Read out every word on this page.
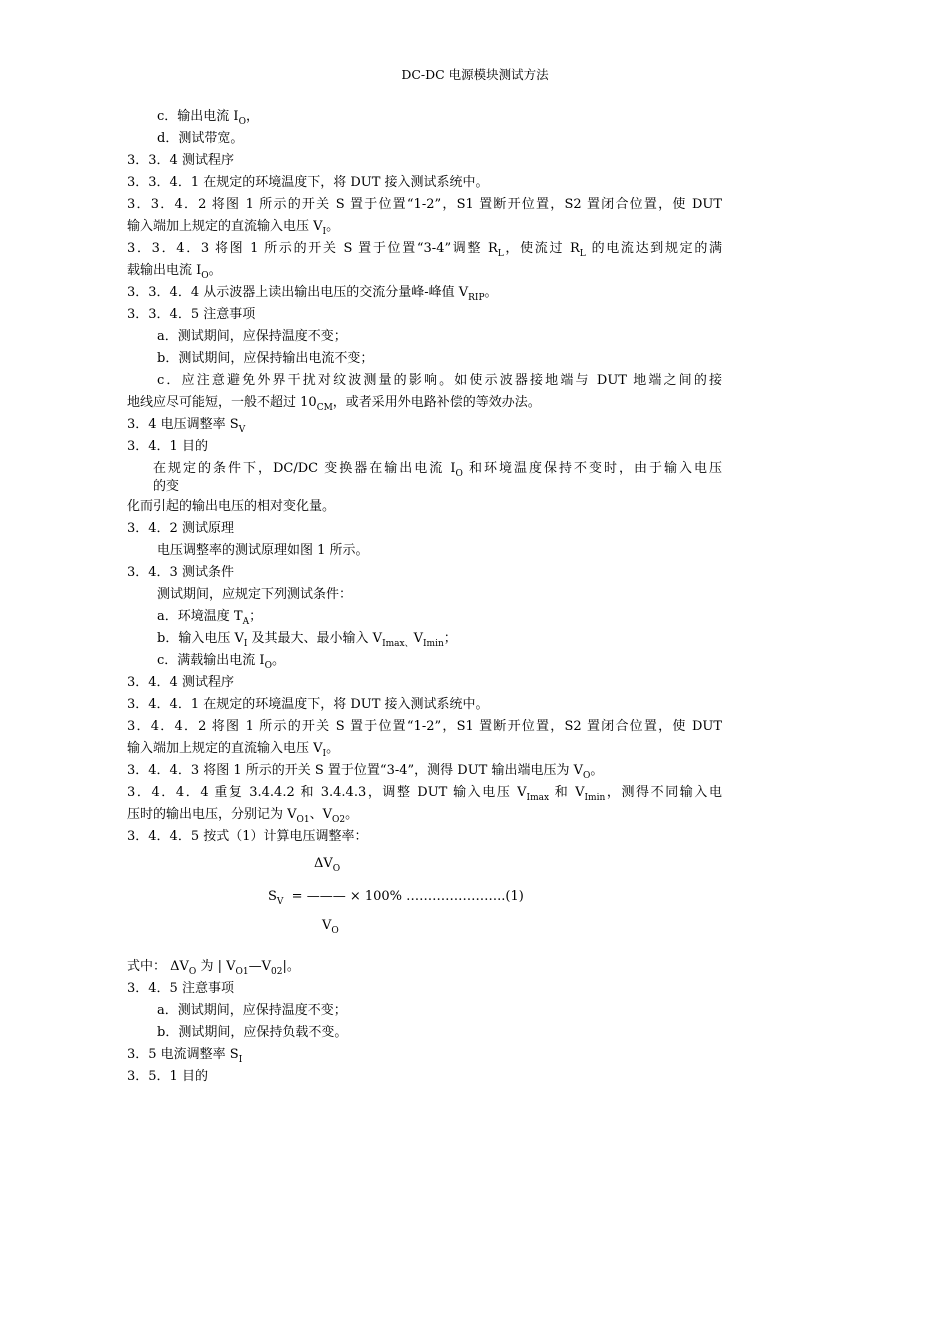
DC-DC 电源模块测试方法
c．输出电流 $I_O$，
d．测试带宽。
3．3．4 测试程序
3．3．4．1 在规定的环境温度下，将 DUT 接入测试系统中。
3．3．4．2 将图 1 所示的开关 S 置于位置“1-2”，S1 置断开位置，S2 置闭合位置，使 DUT
输入端加上规定的直流输入电压 $V_I$。
3．3．4．3 将图 1 所示的开关 S 置于位置“3-4”调整 $R_L$，使流过 $R_L$ 的电流达到规定的满
载输出电流 $I_O$。
3．3．4．4 从示波器上读出输出电压的交流分量峰-峰值 $V_{RIP}$。
3．3．4．5 注意事项
a．测试期间，应保持温度不变；
b．测试期间，应保持输出电流不变；
c．应注意避免外界干扰对纹波测量的影响。如使示波器接地端与 DUT 地端之间的接
地线应尽可能短，一般不超过 $10_{CM}$，或者采用外电路补偿的等效办法。
3．4 电压调整率 $S_V$
3．4．1 目的
在规定的条件下，DC/DC 变换器在输出电流 $I_O$ 和环境温度保持不变时，由于输入电压
的变
化而引起的输出电压的相对变化量。
3．4．2 测试原理
电压调整率的测试原理如图 1 所示。
3．4．3 测试条件
测试期间，应规定下列测试条件：
a．环境温度 $T_A$；
b．输入电压 $V_I$ 及其最大、最小输入 $V_{Imax、}V_{Imin}$；
c．满载输出电流 $I_O$。
3．4．4 测试程序
3．4．4．1 在规定的环境温度下，将 DUT 接入测试系统中。
3．4．4．2 将图 1 所示的开关 S 置于位置“1-2”，S1 置断开位置，S2 置闭合位置，使 DUT
输入端加上规定的直流输入电压 $V_I$。
3．4．4．3 将图 1 所示的开关 S 置于位置“3-4”，测得 DUT 输出端电压为 $V_O$。
3．4．4．4 重复 3.4.4.2 和 3.4.4.3，调整 DUT 输入电压 $V_{Imax}$ 和 $V_{Imin}$，测得不同输入电
压时的输出电压，分别记为 $V_{O1}$、$V_{O2}$。
3．4．4．5 按式（1）计算电压调整率：
$\Delta V_O$
$S_V$ = ——— × 100% …………………..(1)
$V_O$
式中： $\Delta V_O$ 为 | $V_{O1}—V_{02}|$。
3．4．5 注意事项
a．测试期间，应保持温度不变；
b．测试期间，应保持负载不变。
3．5 电流调整率 $S_I$
3．5．1 目的
